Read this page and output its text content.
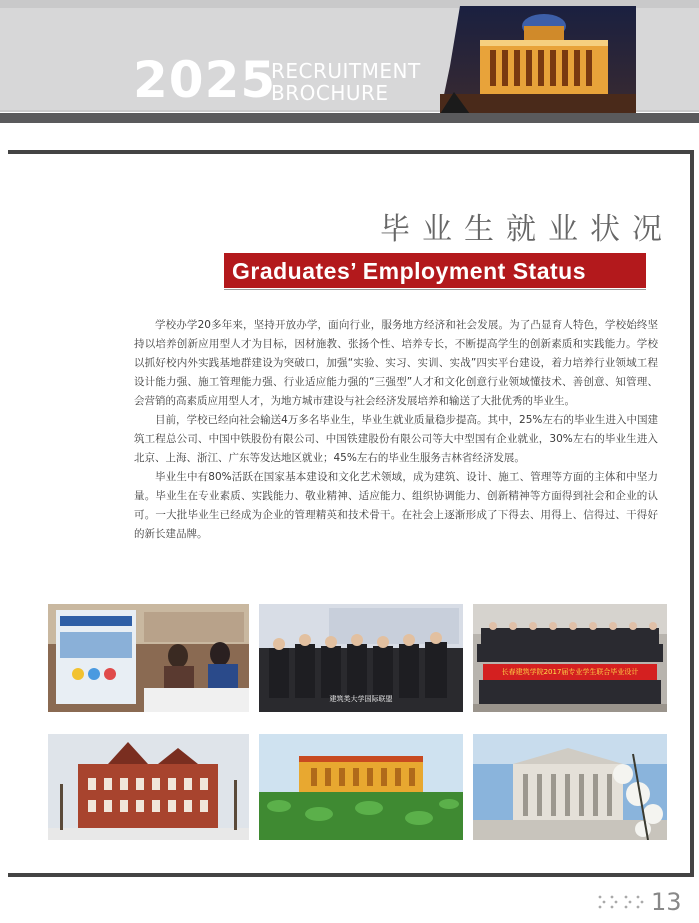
2025
RECRUITMENT
BROCHURE
毕业生就业状况
Graduates’ Employment Status

学校办学20多年来，坚持开放办学，面向行业，服务地方经济和社会发展。为了凸显育人特色，学校始终坚持以培养创新应用型人才为目标，因材施教、张扬个性、培养专长，不断提高学生的创新素质和实践能力。学校以抓好校内外实践基地群建设为突破口，加强“实验、实习、实训、实战”四实平台建设，着力培养行业领域工程设计能力强、施工管理能力强、行业适应能力强的“三强型”人才和文化创意行业领域懂技术、善创意、知管理、会营销的高素质应用型人才，为地方城市建设与社会经济发展培养和输送了大批优秀的毕业生。

目前，学校已经向社会输送4万多名毕业生，毕业生就业质量稳步提高。其中，25%左右的毕业生进入中国建筑工程总公司、中国中铁股份有限公司、中国铁建股份有限公司等大中型国有企业就业，30%左右的毕业生进入北京、上海、浙江、广东等发达地区就业；45%左右的毕业生服务吉林省经济发展。

毕业生中有80%活跃在国家基本建设和文化艺术领域，成为建筑、设计、施工、管理等方面的主体和中坚力量。毕业生在专业素质、实践能力、敬业精神、适应能力、组织协调能力、创新精神等方面得到社会和企业的认可。一大批毕业生已经成为企业的管理精英和技术骨干。在社会上逐渐形成了下得去、用得上、信得过、干得好的新长建品牌。

建筑类大学国际联盟
长春建筑学院2017届专业学生联合毕业设计
13
